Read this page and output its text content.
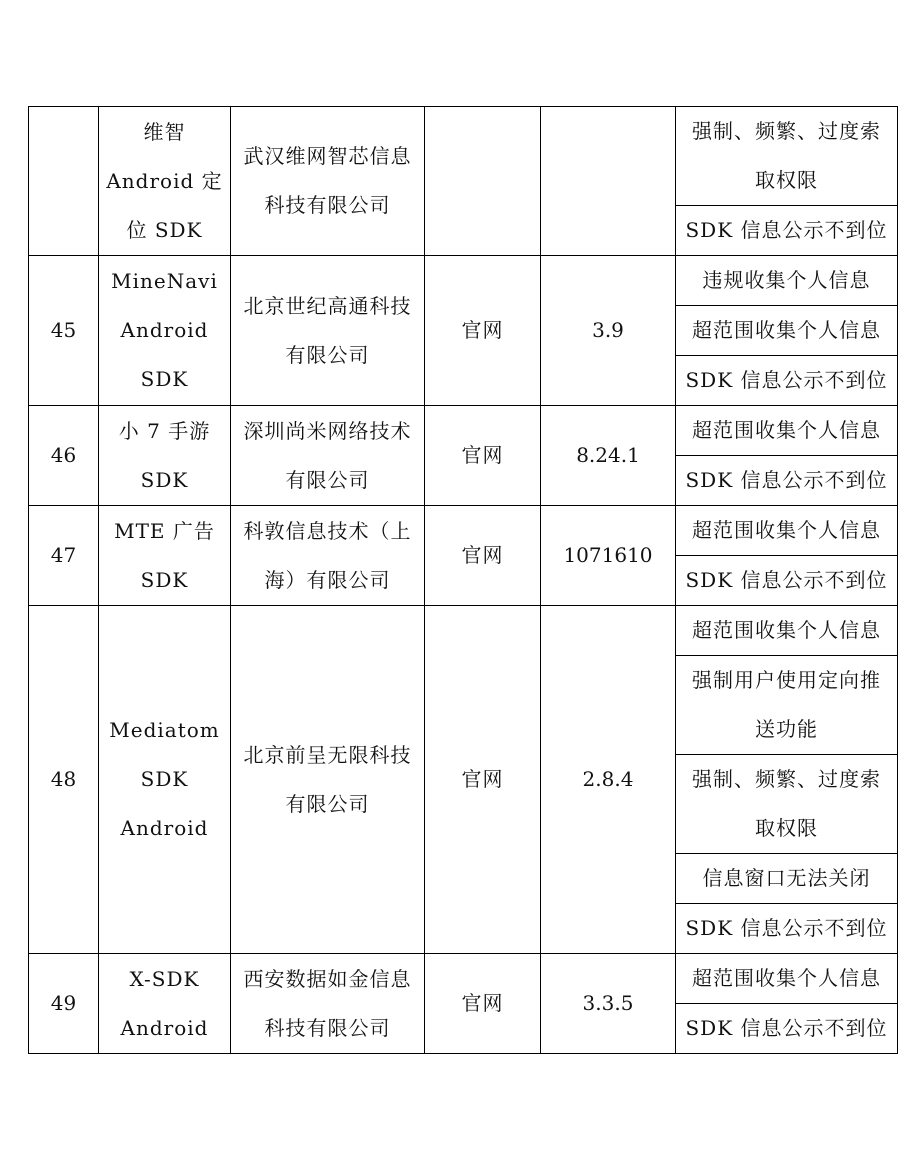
	维智
Android 定
位 SDK	武汉维网智芯信息
科技有限公司			强制、频繁、过度索
取权限

					SDK 信息公示不到位

45	MineNavi
Android
SDK	北京世纪高通科技
有限公司	官网	3.9	违规收集个人信息

					超范围收集个人信息

					SDK 信息公示不到位

46	小 7 手游
SDK	深圳尚米网络技术
有限公司	官网	8.24.1	超范围收集个人信息

					SDK 信息公示不到位

47	MTE 广告
SDK	科敦信息技术（上
海）有限公司	官网	1071610	超范围收集个人信息

					SDK 信息公示不到位

48	Mediatom
SDK
Android	北京前呈无限科技
有限公司	官网	2.8.4	超范围收集个人信息

					强制用户使用定向推
送功能

					强制、频繁、过度索
取权限

					信息窗口无法关闭

					SDK 信息公示不到位

49	X-SDK
Android	西安数据如金信息
科技有限公司	官网	3.3.5	超范围收集个人信息

					SDK 信息公示不到位
